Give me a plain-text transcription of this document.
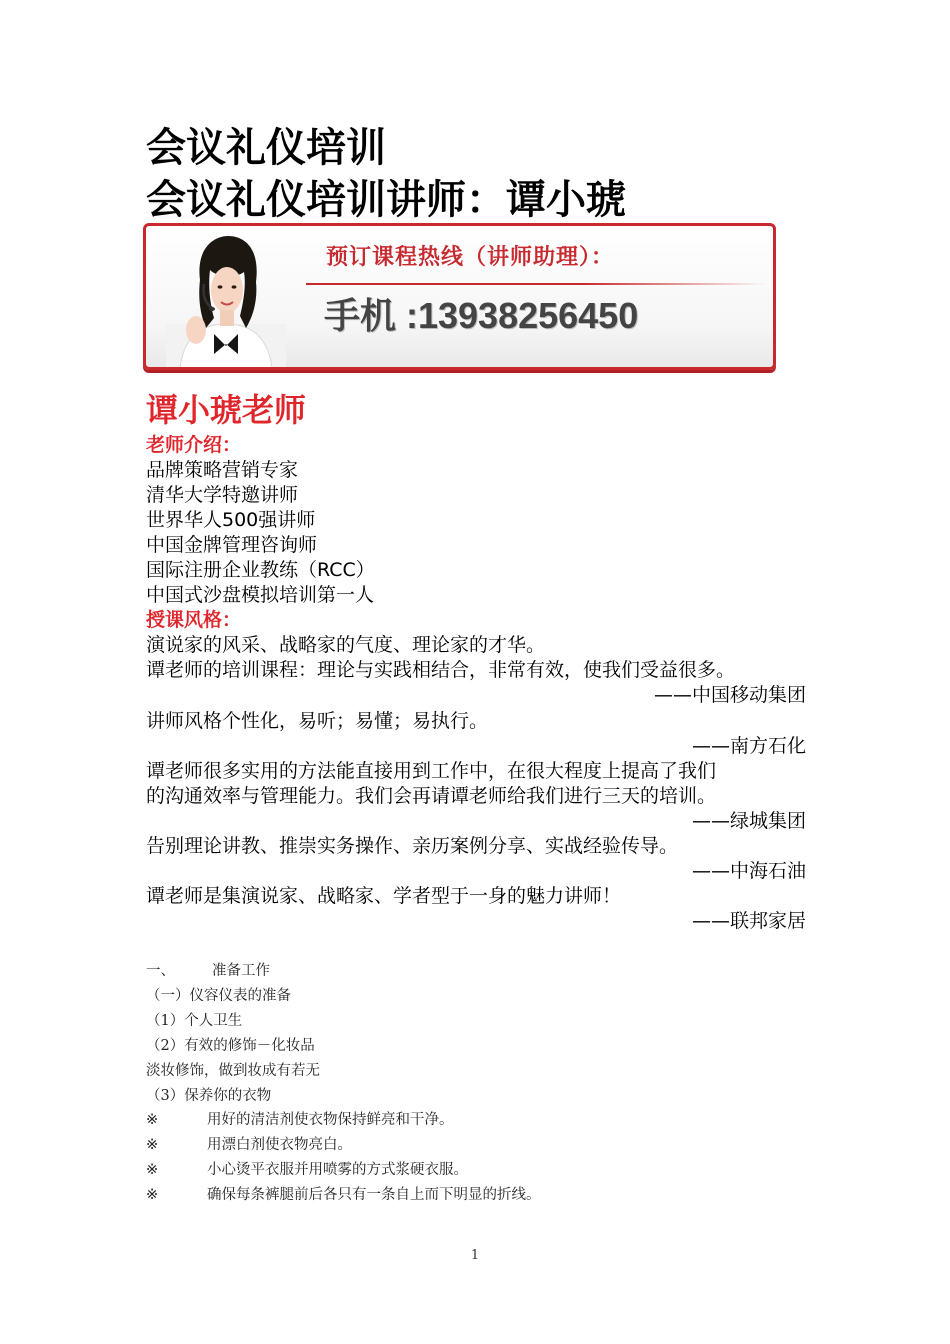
会议礼仪培训
会议礼仪培训讲师：谭小琥
预订课程热线（讲师助理）：
手机 :13938256450
谭小琥老师
老师介绍：
品牌策略营销专家
清华大学特邀讲师
世界华人500强讲师
中国金牌管理咨询师
国际注册企业教练（RCC）
中国式沙盘模拟培训第一人
授课风格：
演说家的风采、战略家的气度、理论家的才华。
谭老师的培训课程：理论与实践相结合，非常有效，使我们受益很多。
——中国移动集团
讲师风格个性化，易听；易懂；易执行。
——南方石化
谭老师很多实用的方法能直接用到工作中，在很大程度上提高了我们
的沟通效率与管理能力。我们会再请谭老师给我们进行三天的培训。
——绿城集团
告别理论讲教、推崇实务操作、亲历案例分享、实战经验传导。
——中海石油
谭老师是集演说家、战略家、学者型于一身的魅力讲师！
——联邦家居
一、	准备工作
（一）仪容仪表的准备
（1）个人卫生
（2）有效的修饰－化妆品
淡妆修饰，做到妆成有若无
（3）保养你的衣物
※	用好的清洁剂使衣物保持鲜亮和干净。
※	用漂白剂使衣物亮白。
※	小心烫平衣服并用喷雾的方式浆硬衣服。
※	确保每条裤腿前后各只有一条自上而下明显的折线。
1
